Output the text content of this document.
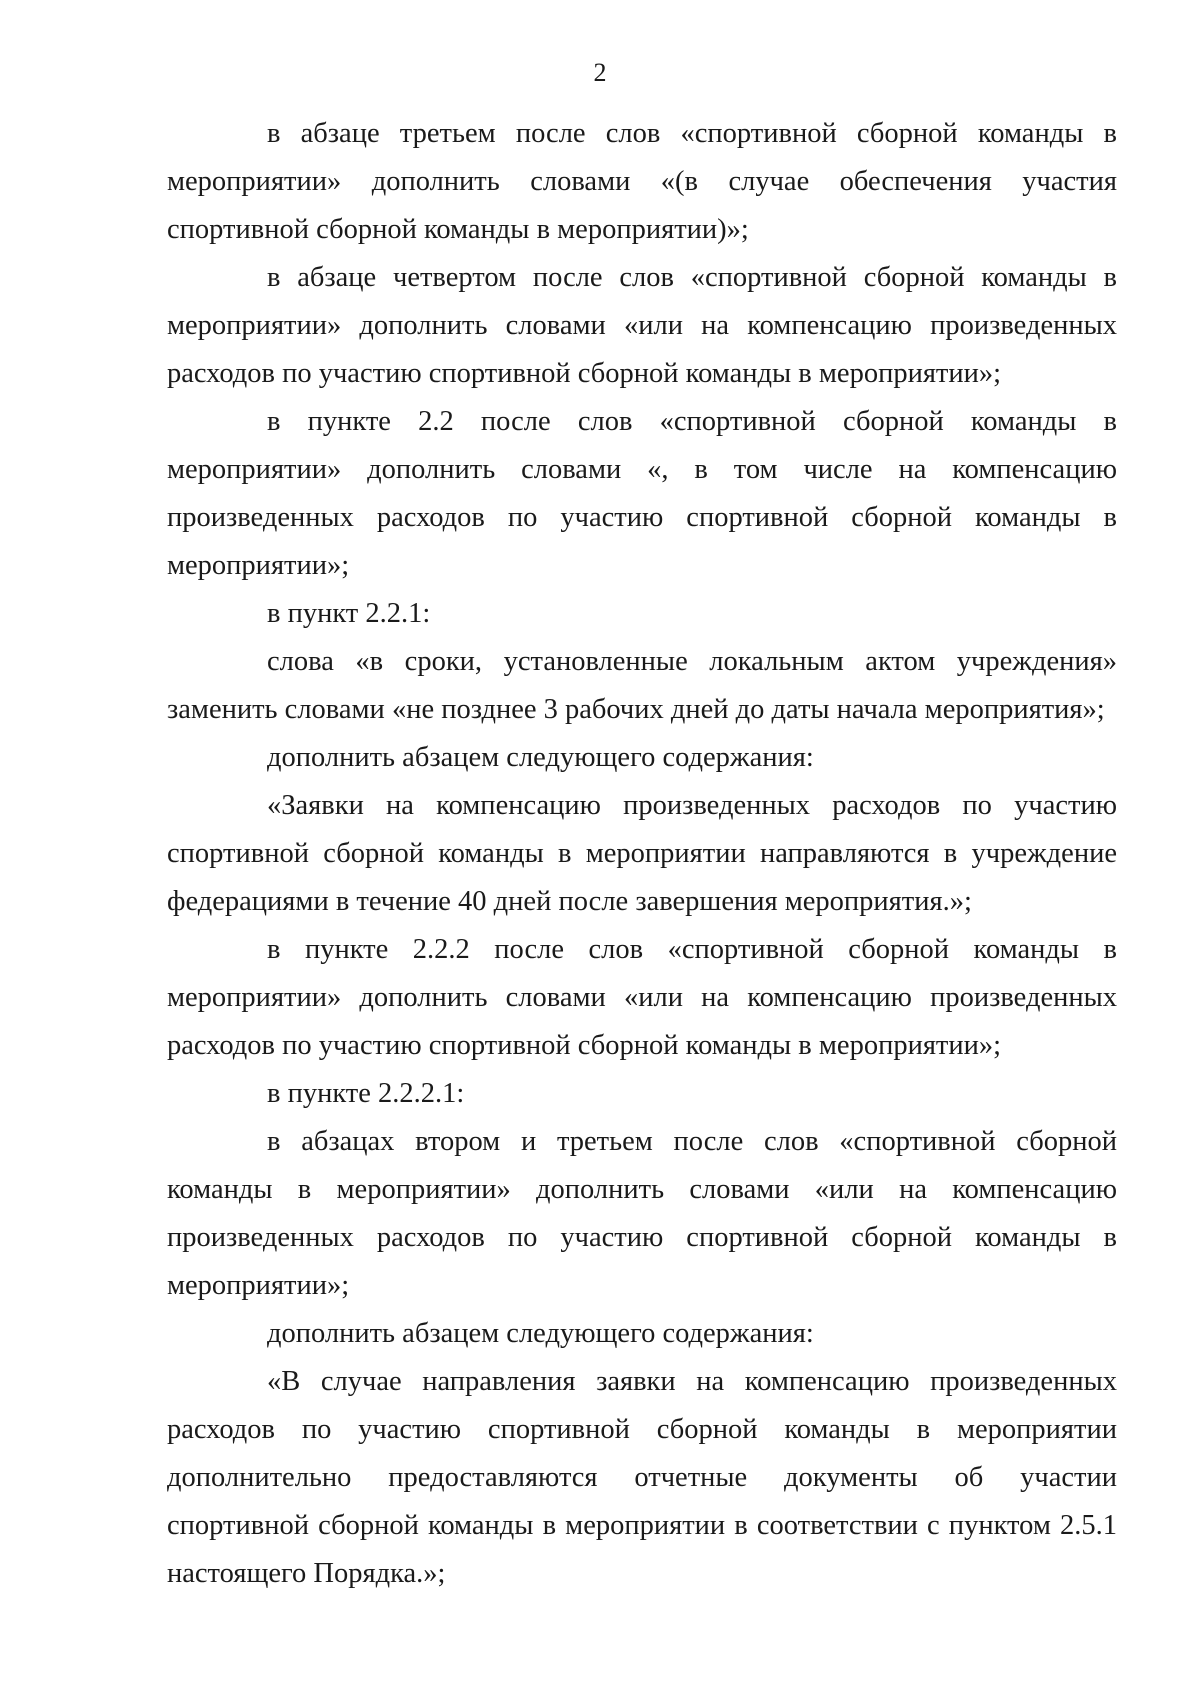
2

в абзаце третьем после слов «спортивной сборной команды в мероприятии» дополнить словами «(в случае обеспечения участия спортивной сборной команды в мероприятии)»;

в абзаце четвертом после слов «спортивной сборной команды в мероприятии» дополнить словами «или на компенсацию произведенных расходов по участию спортивной сборной команды в мероприятии»;

в пункте 2.2 после слов «спортивной сборной команды в мероприятии» дополнить словами «, в том числе на компенсацию произведенных расходов по участию спортивной сборной команды в мероприятии»;

в пункт 2.2.1:

слова «в сроки, установленные локальным актом учреждения» заменить словами «не позднее 3 рабочих дней до даты начала мероприятия»;

дополнить абзацем следующего содержания:

«Заявки на компенсацию произведенных расходов по участию спортивной сборной команды в мероприятии направляются в учреждение федерациями в течение 40 дней после завершения мероприятия.»;

в пункте 2.2.2 после слов «спортивной сборной команды в мероприятии» дополнить словами «или на компенсацию произведенных расходов по участию спортивной сборной команды в мероприятии»;

в пункте 2.2.2.1:

в абзацах втором и третьем после слов «спортивной сборной команды в мероприятии» дополнить словами «или на компенсацию произведенных расходов по участию спортивной сборной команды в мероприятии»;

дополнить абзацем следующего содержания:

«В случае направления заявки на компенсацию произведенных расходов по участию спортивной сборной команды в мероприятии дополнительно предоставляются отчетные документы об участии спортивной сборной команды в мероприятии в соответствии с пунктом 2.5.1 настоящего Порядка.»;
